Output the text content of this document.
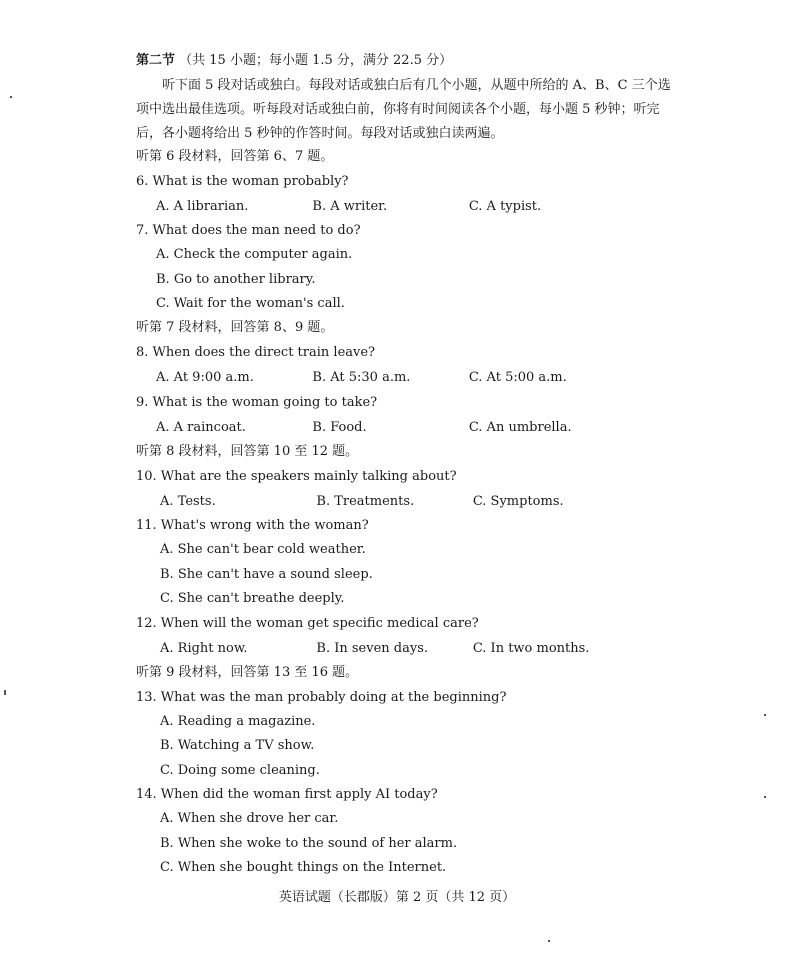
第二节 （共 15 小题；每小题 1.5 分，满分 22.5 分）
听下面 5 段对话或独白。每段对话或独白后有几个小题，从题中所给的 A、B、C 三个选项中选出最佳选项。听每段对话或独白前，你将有时间阅读各个小题，每小题 5 秒钟；听完后，各小题将给出 5 秒钟的作答时间。每段对话或独白读两遍。
听第 6 段材料，回答第 6、7 题。
6. What is the woman probably?
A. A librarian.	B. A writer.	C. A typist.
7. What does the man need to do?
A. Check the computer again.
B. Go to another library.
C. Wait for the woman's call.
听第 7 段材料，回答第 8、9 题。
8. When does the direct train leave?
A. At 9:00 a.m.	B. At 5:30 a.m.	C. At 5:00 a.m.
9. What is the woman going to take?
A. A raincoat.	B. Food.	C. An umbrella.
听第 8 段材料，回答第 10 至 12 题。
10. What are the speakers mainly talking about?
A. Tests.	B. Treatments.	C. Symptoms.
11. What's wrong with the woman?
A. She can't bear cold weather.
B. She can't have a sound sleep.
C. She can't breathe deeply.
12. When will the woman get specific medical care?
A. Right now.	B. In seven days.	C. In two months.
听第 9 段材料，回答第 13 至 16 题。
13. What was the man probably doing at the beginning?
A. Reading a magazine.
B. Watching a TV show.
C. Doing some cleaning.
14. When did the woman first apply AI today?
A. When she drove her car.
B. When she woke to the sound of her alarm.
C. When she bought things on the Internet.
英语试题（长郡版）第 2 页（共 12 页）
